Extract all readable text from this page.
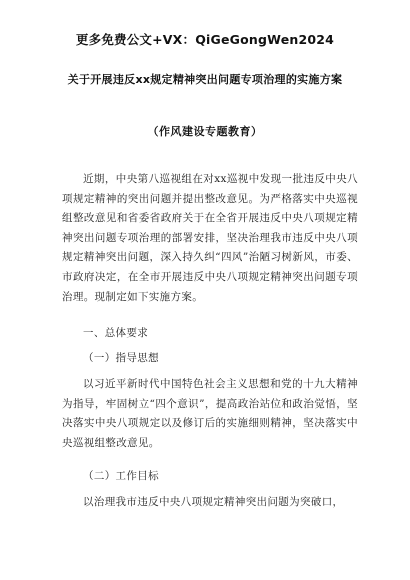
更多免费公文+VX：QiGeGongWen2024
关于开展违反xx规定精神突出问题专项治理的实施方案
（作风建设专题教育）
近期，中央第八巡视组在对xx巡视中发现一批违反中央八项规定精神的突出问题并提出整改意见。为严格落实中央巡视组整改意见和省委省政府关于在全省开展违反中央八项规定精神突出问题专项治理的部署安排，坚决治理我市违反中央八项规定精神突出问题，深入持久纠“四风”治陋习树新风，市委、市政府决定，在全市开展违反中央八项规定精神突出问题专项治理。现制定如下实施方案。
一、总体要求
（一）指导思想
以习近平新时代中国特色社会主义思想和党的十九大精神为指导，牢固树立“四个意识”，提高政治站位和政治觉悟，坚决落实中央八项规定以及修订后的实施细则精神，坚决落实中央巡视组整改意见。
（二）工作目标
以治理我市违反中央八项规定精神突出问题为突破口，
